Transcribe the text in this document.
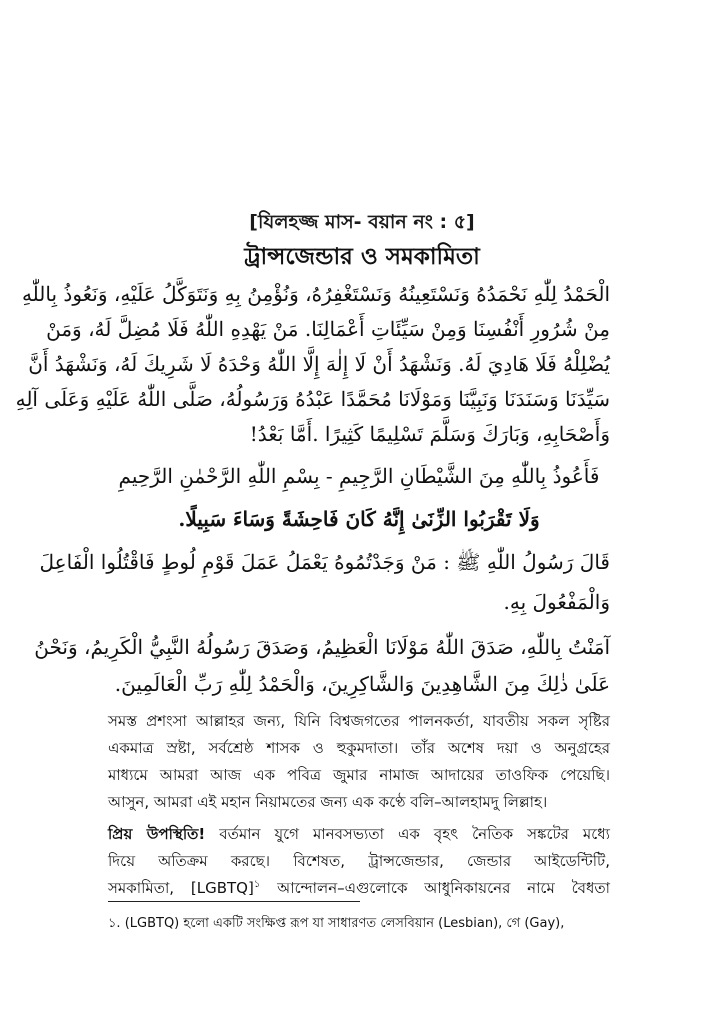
[যিলহজ্জ মাস- বয়ান নং : ৫]
ট্রান্সজেন্ডার ও সমকামিতা
الْحَمْدُ لِلّٰهِ نَحْمَدُهُ وَنَسْتَعِينُهُ وَنَسْتَغْفِرُهُ، وَنُؤْمِنُ بِهِ وَنَتَوَكَّلُ عَلَيْهِ، وَنَعُوذُ بِاللّٰهِ
مِنْ شُرُورِ أَنْفُسِنَا وَمِنْ سَيِّئَاتِ أَعْمَالِنَا. مَنْ يَهْدِهِ اللّٰهُ فَلَا مُضِلَّ لَهُ، وَمَنْ
يُضْلِلْهُ فَلَا هَادِيَ لَهُ. وَنَشْهَدُ أَنْ لَا إِلٰهَ إِلَّا اللّٰهُ وَحْدَهُ لَا شَرِيكَ لَهُ، وَنَشْهَدُ أَنَّ
سَيِّدَنَا وَسَنَدَنَا وَنَبِيَّنَا وَمَوْلَانَا مُحَمَّدًا عَبْدُهُ وَرَسُولُهُ، صَلَّى اللّٰهُ عَلَيْهِ وَعَلَى آلِهِ
وَأَصْحَابِهِ، وَبَارَكَ وَسَلَّمَ تَسْلِيمًا كَثِيرًا .أَمَّا بَعْدُ!
فَأَعُوذُ بِاللّٰهِ مِنَ الشَّيْطَانِ الرَّجِيمِ - بِسْمِ اللّٰهِ الرَّحْمٰنِ الرَّحِيمِ
وَلَا تَقْرَبُوا الزِّنَىٰ إِنَّهُ كَانَ فَاحِشَةً وَسَاءَ سَبِيلًا.
قَالَ رَسُولُ اللّٰهِ ﷺ : مَنْ وَجَدْتُمُوهُ يَعْمَلُ عَمَلَ قَوْمِ لُوطٍ فَاقْتُلُوا الْفَاعِلَ
وَالْمَفْعُولَ بِهِ.
آمَنْتُ بِاللّٰهِ، صَدَقَ اللّٰهُ مَوْلَانَا الْعَظِيمُ، وَصَدَقَ رَسُولُهُ النَّبِيُّ الْكَرِيمُ، وَنَحْنُ
عَلَىٰ ذٰلِكَ مِنَ الشَّاهِدِينَ وَالشَّاكِرِينَ، وَالْحَمْدُ لِلّٰهِ رَبِّ الْعَالَمِينَ.
সমস্ত প্রশংসা আল্লাহর জন্য, যিনি বিশ্বজগতের পালনকর্তা, যাবতীয় সকল সৃষ্টির
একমাত্র স্রষ্টা, সর্বশ্রেষ্ঠ শাসক ও হুকুমদাতা। তাঁর অশেষ দয়া ও অনুগ্রহের
মাধ্যমে আমরা আজ এক পবিত্র জুমার নামাজ আদায়ের তাওফিক পেয়েছি।
আসুন, আমরা এই মহান নিয়ামতের জন্য এক কণ্ঠে বলি–আলহামদু লিল্লাহ।
প্রিয় উপস্থিতি! বর্তমান যুগে মানবসভ্যতা এক বৃহৎ নৈতিক সঙ্কটের মধ্যে
দিয়ে অতিক্রম করছে। বিশেষত, ট্রান্সজেন্ডার, জেন্ডার আইডেন্টিটি,
সমকামিতা, [LGBTQ]$^১$ আন্দোলন–এগুলোকে আধুনিকায়নের নামে বৈধতা
১. (LGBTQ) হলো একটি সংক্ষিপ্ত রূপ যা সাধারণত লেসবিয়ান (Lesbian), গে (Gay),
